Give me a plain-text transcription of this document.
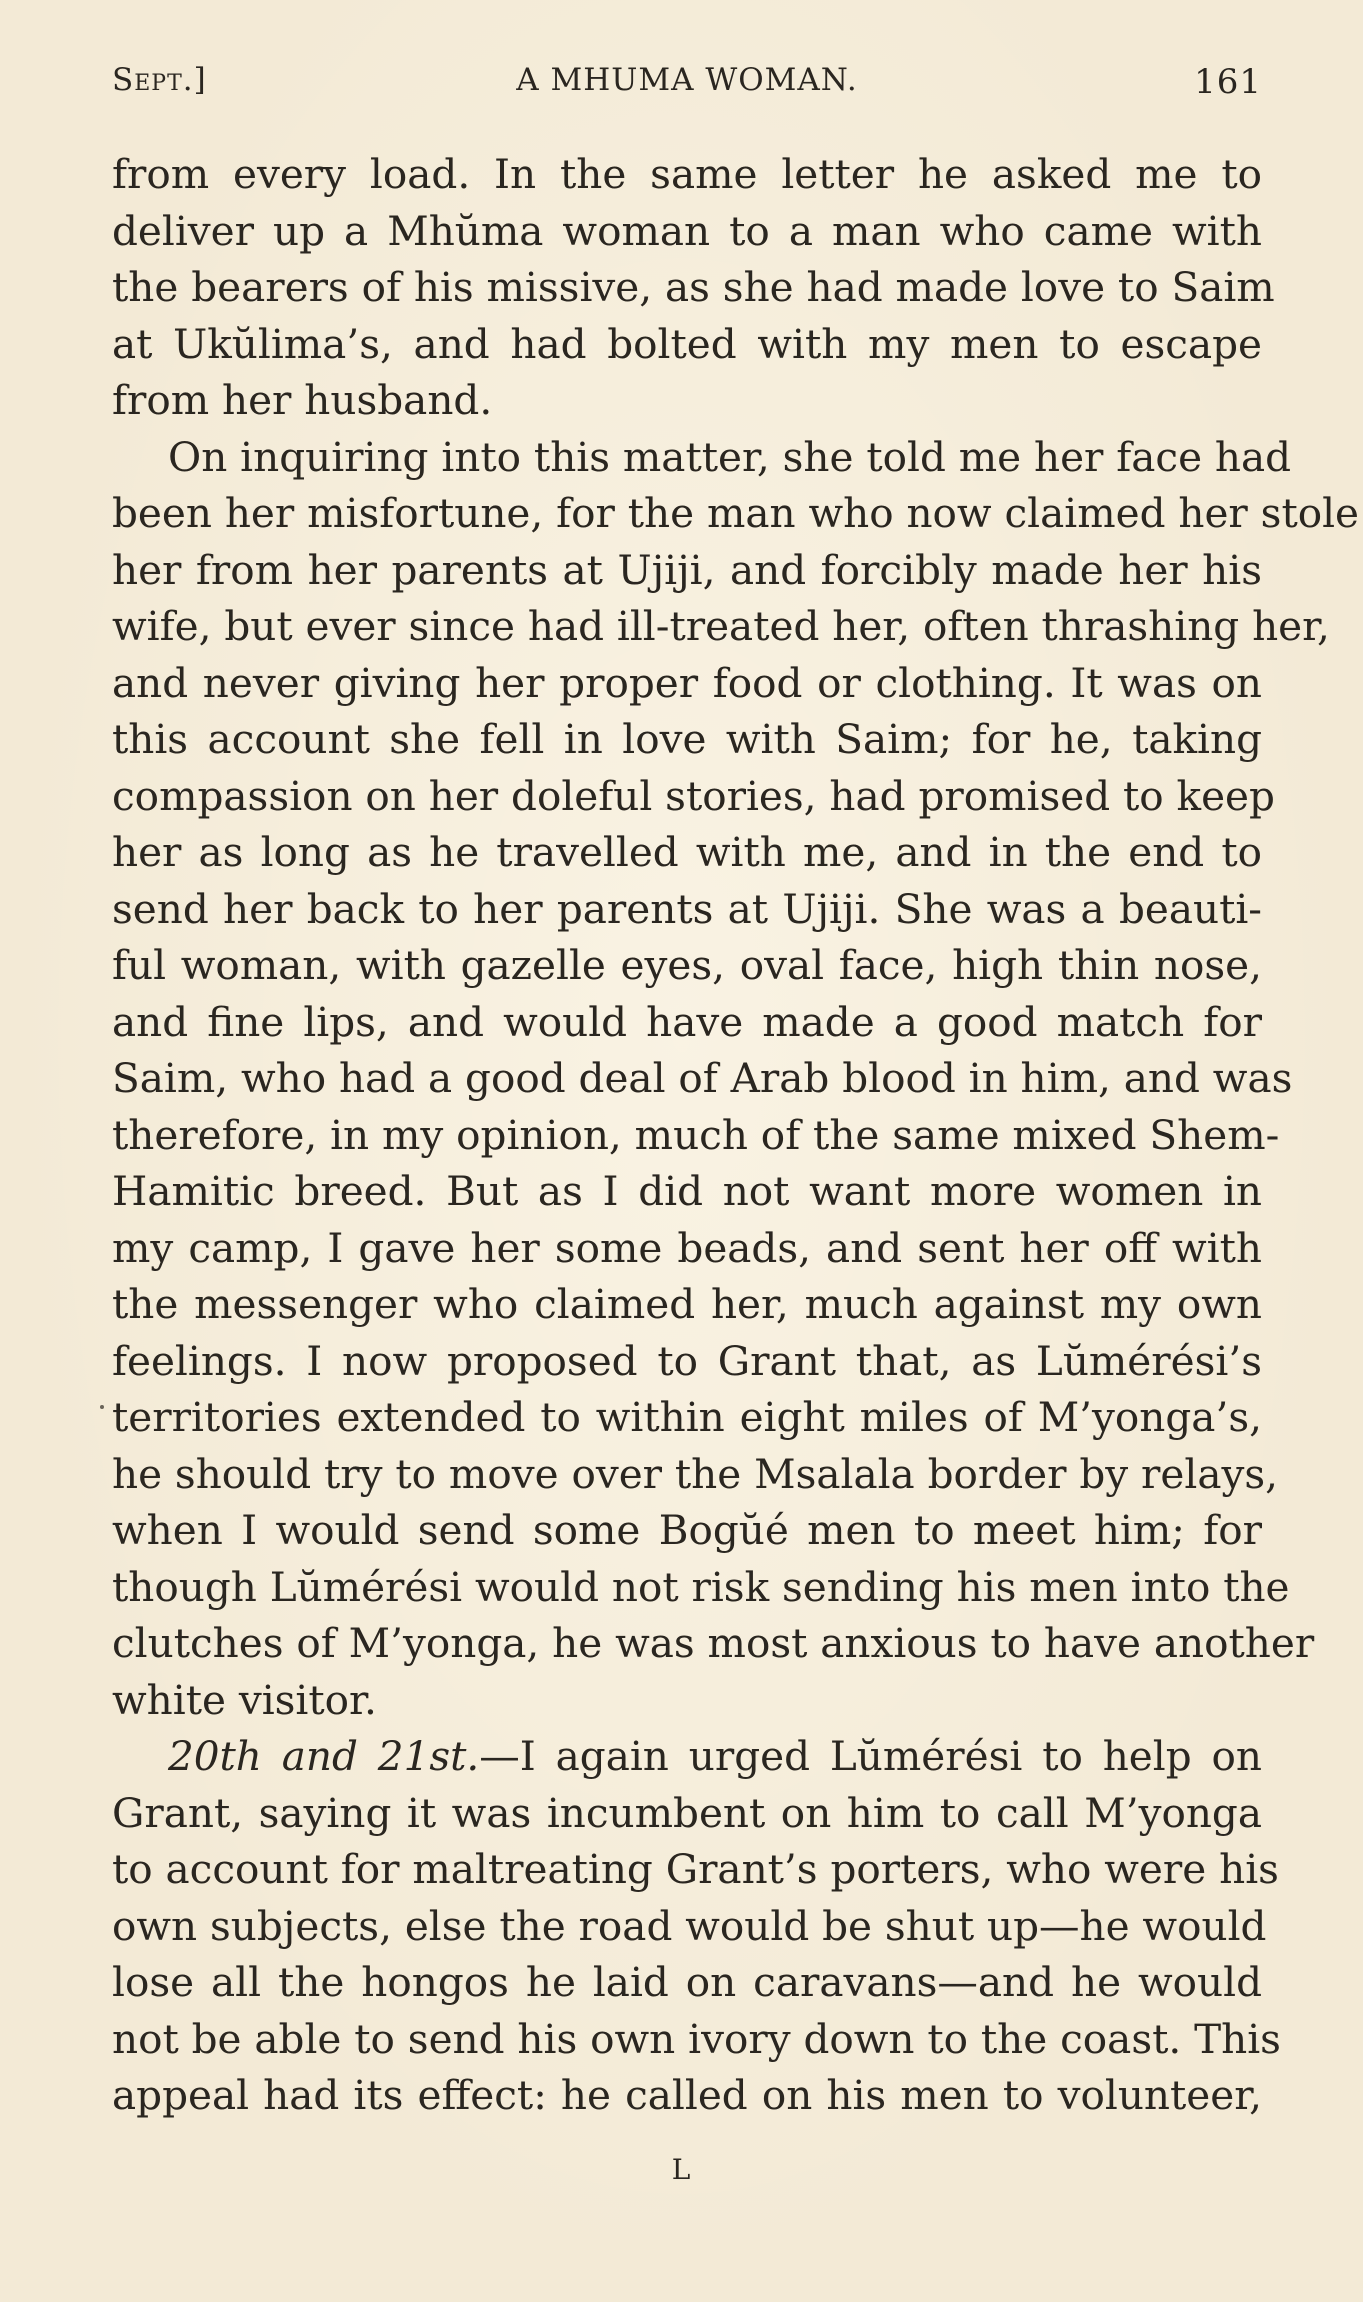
Sept.]	A MHUMA WOMAN.	161
from every load. In the same letter he asked me to
deliver up a Mhŭma woman to a man who came with
the bearers of his missive, as she had made love to Saim
at Ukŭlima’s, and had bolted with my men to escape
from her husband.
On inquiring into this matter, she told me her face had
been her misfortune, for the man who now claimed her stole
her from her parents at Ujiji, and forcibly made her his
wife, but ever since had ill-treated her, often thrashing her,
and never giving her proper food or clothing. It was on
this account she fell in love with Saim; for he, taking
compassion on her doleful stories, had promised to keep
her as long as he travelled with me, and in the end to
send her back to her parents at Ujiji. She was a beauti-
ful woman, with gazelle eyes, oval face, high thin nose,
and fine lips, and would have made a good match for
Saim, who had a good deal of Arab blood in him, and was
therefore, in my opinion, much of the same mixed Shem-
Hamitic breed. But as I did not want more women in
my camp, I gave her some beads, and sent her off with
the messenger who claimed her, much against my own
feelings. I now proposed to Grant that, as Lŭmérési’s
territories extended to within eight miles of M’yonga’s,
he should try to move over the Msalala border by relays,
when I would send some Bogŭé men to meet him; for
though Lŭmérési would not risk sending his men into the
clutches of M’yonga, he was most anxious to have another
white visitor.
20th and 21st.—I again urged Lŭmérési to help on
Grant, saying it was incumbent on him to call M’yonga
to account for maltreating Grant’s porters, who were his
own subjects, else the road would be shut up—he would
lose all the hongos he laid on caravans—and he would
not be able to send his own ivory down to the coast. This
appeal had its effect: he called on his men to volunteer,
L
